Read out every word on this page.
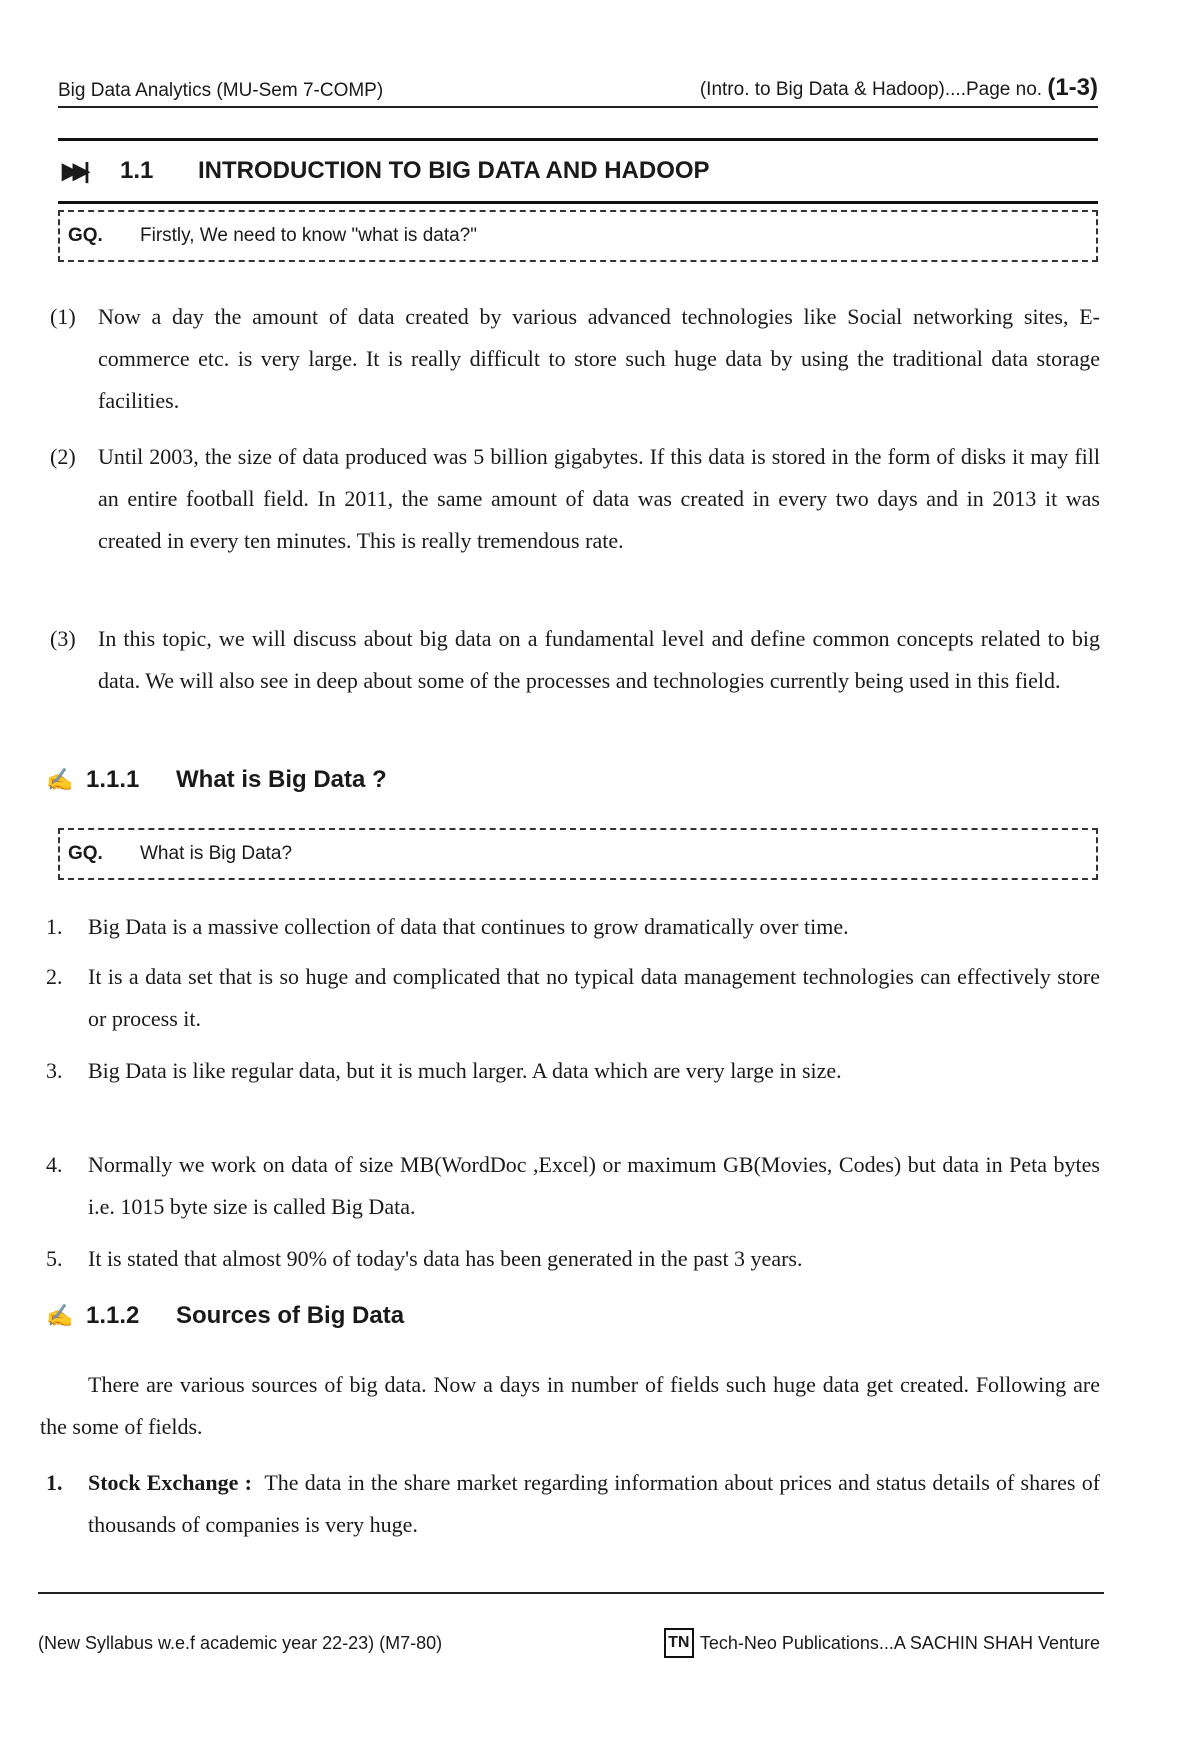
Big Data Analytics (MU-Sem 7-COMP)	(Intro. to Big Data & Hadoop)....Page no. (1-3)
▶▶|	1.1	INTRODUCTION TO BIG DATA AND HADOOP
GQ.	Firstly, We need to know "what is data?"
(1)	Now a day the amount of data created by various advanced technologies like Social networking sites, E-commerce etc. is very large. It is really difficult to store such huge data by using the traditional data storage facilities.
(2)	Until 2003, the size of data produced was 5 billion gigabytes. If this data is stored in the form of disks it may fill an entire football field. In 2011, the same amount of data was created in every two days and in 2013 it was created in every ten minutes. This is really tremendous rate.
(3)	In this topic, we will discuss about big data on a fundamental level and define common concepts related to big data. We will also see in deep about some of the processes and technologies currently being used in this field.
✍ 1.1.1	What is Big Data ?
GQ.	What is Big Data?
1.	Big Data is a massive collection of data that continues to grow dramatically over time.
2.	It is a data set that is so huge and complicated that no typical data management technologies can effectively store or process it.
3.	Big Data is like regular data, but it is much larger. A data which are very large in size.
4.	Normally we work on data of size MB(WordDoc ,Excel) or maximum GB(Movies, Codes) but data in Peta bytes i.e. 1015 byte size is called Big Data.
5.	It is stated that almost 90% of today's data has been generated in the past 3 years.
✍ 1.1.2	Sources of Big Data
There are various sources of big data. Now a days in number of fields such huge data get created. Following are the some of fields.
1.	Stock Exchange : The data in the share market regarding information about prices and status details of shares of thousands of companies is very huge.
(New Syllabus w.e.f academic year 22-23) (M7-80)	TN Tech-Neo Publications...A SACHIN SHAH Venture
